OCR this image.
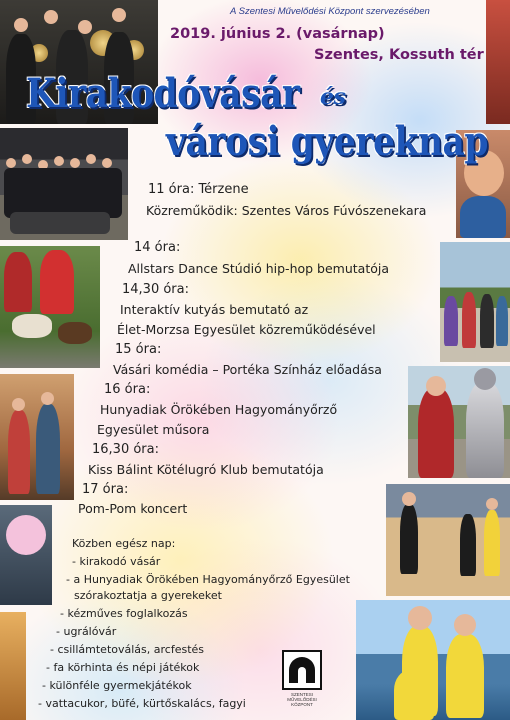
A Szentesi Művelődési Központ szervezésében
2019. június 2. (vasárnap)
Szentes, Kossuth tér
Kirakodóvásár és
városi gyereknap
11 óra: Térzene
Közreműködik: Szentes Város Fúvószenekara
14 óra:
Allstars Dance Stúdió hip-hop bemutatója
14,30 óra:
Interaktív kutyás bemutató az
Élet-Morzsa Egyesület közreműködésével
15 óra:
Vásári komédia – Portéka Színház előadása
16 óra:
Hunyadiak Örökében Hagyományőrző
Egyesület műsora
16,30 óra:
Kiss Bálint Kötélugró Klub bemutatója
17 óra:
Pom-Pom koncert
Közben egész nap:
- kirakodó vásár
- a Hunyadiak Örökében Hagyományőrző Egyesület
szórakoztatja a gyerekeket
- kézműves foglalkozás
- ugrálóvár
- csillámtetoválás, arcfestés
- fa körhinta és népi játékok
- különféle gyermekjátékok
- vattacukor, büfé, kürtőskalács, fagyi
SZENTESI MŰVELŐDÉSI KÖZPONT
